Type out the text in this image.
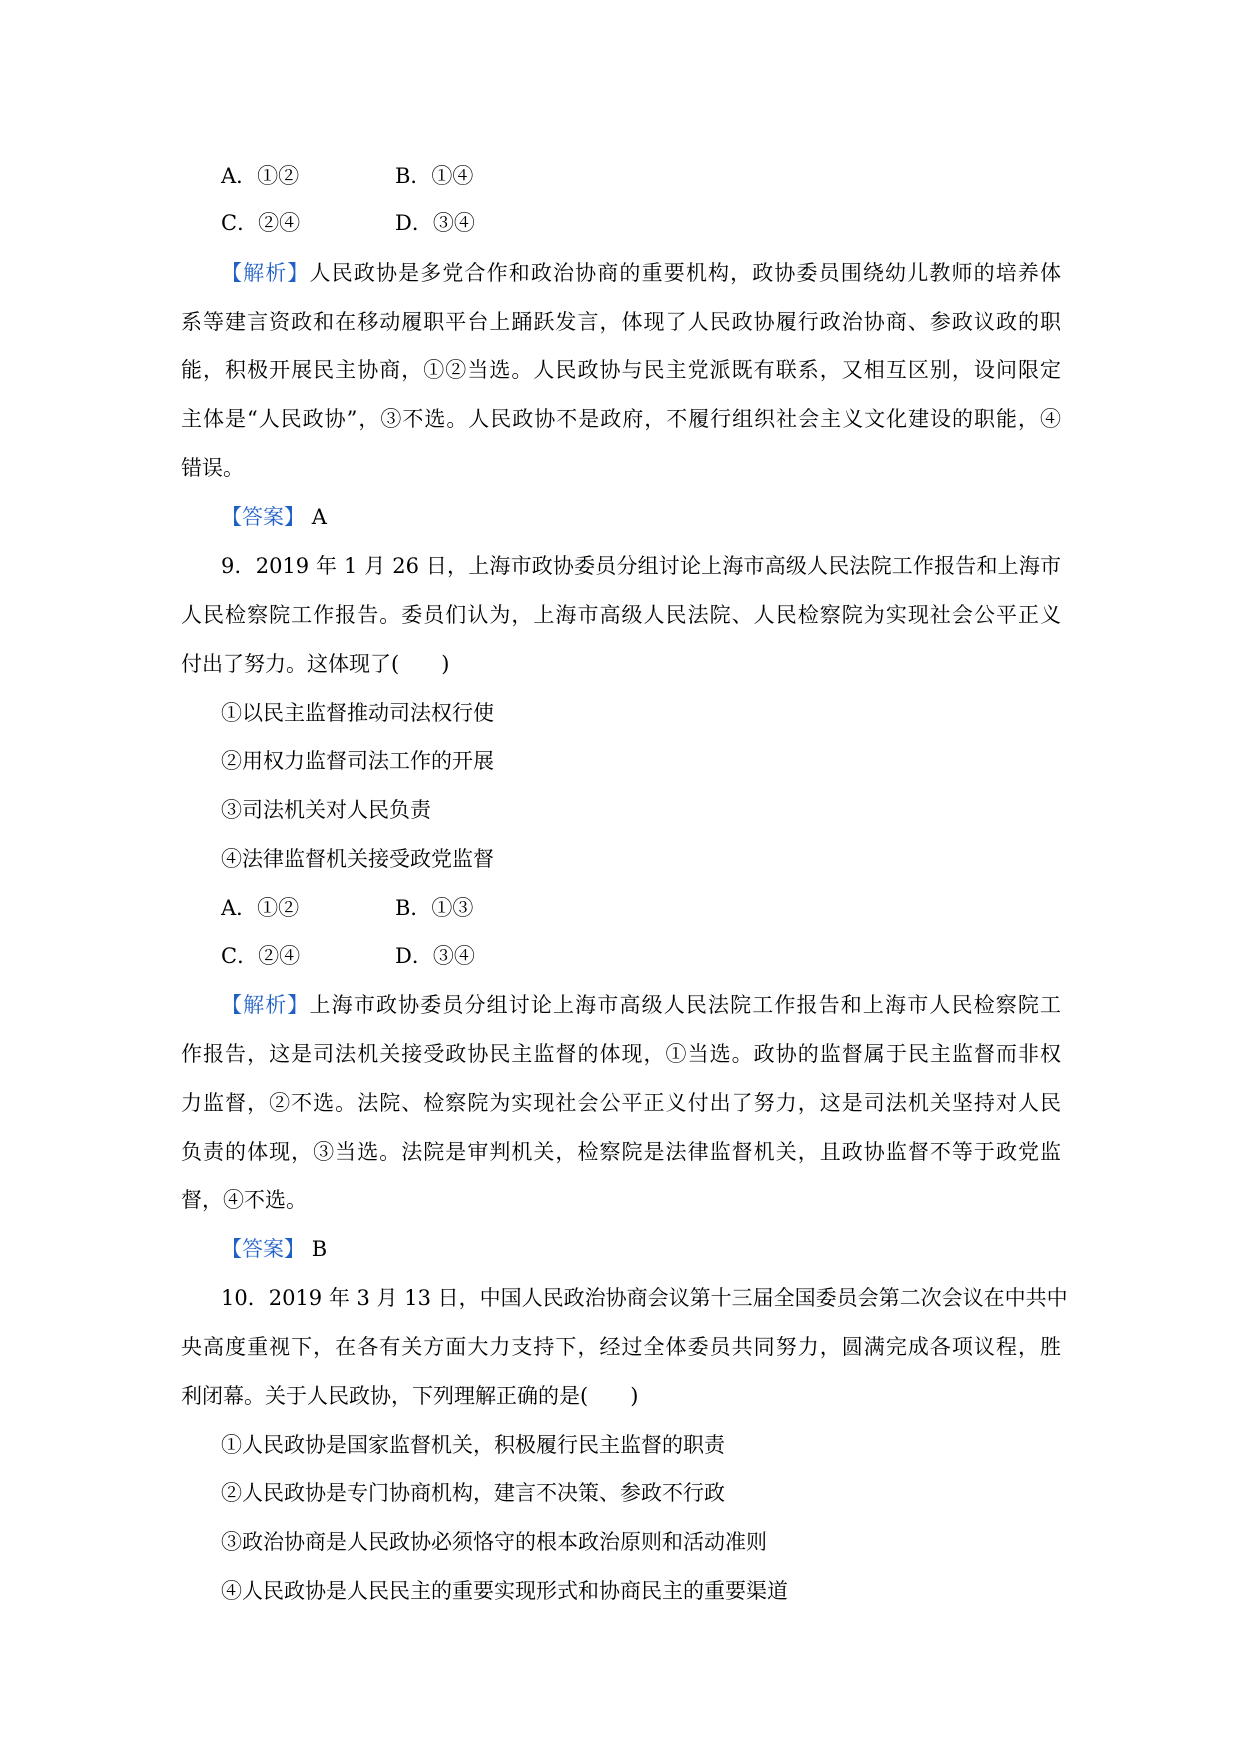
A．①②	B．①④
C．②④	D．③④
【解析】人民政协是多党合作和政治协商的重要机构，政协委员围绕幼儿教师的培养体
系等建言资政和在移动履职平台上踊跃发言，体现了人民政协履行政治协商、参政议政的职
能，积极开展民主协商，①②当选。人民政协与民主党派既有联系，又相互区别，设问限定
主体是“人民政协”，③不选。人民政协不是政府，不履行组织社会主义文化建设的职能，④
错误。
【答案】 A
9．2019 年 1 月 26 日，上海市政协委员分组讨论上海市高级人民法院工作报告和上海市
人民检察院工作报告。委员们认为，上海市高级人民法院、人民检察院为实现社会公平正义
付出了努力。这体现了(　　)
①以民主监督推动司法权行使
②用权力监督司法工作的开展
③司法机关对人民负责
④法律监督机关接受政党监督
A．①②	B．①③
C．②④	D．③④
【解析】上海市政协委员分组讨论上海市高级人民法院工作报告和上海市人民检察院工
作报告，这是司法机关接受政协民主监督的体现，①当选。政协的监督属于民主监督而非权
力监督，②不选。法院、检察院为实现社会公平正义付出了努力，这是司法机关坚持对人民
负责的体现，③当选。法院是审判机关，检察院是法律监督机关，且政协监督不等于政党监
督，④不选。
【答案】 B
10．2019 年 3 月 13 日，中国人民政治协商会议第十三届全国委员会第二次会议在中共中
央高度重视下，在各有关方面大力支持下，经过全体委员共同努力，圆满完成各项议程，胜
利闭幕。关于人民政协，下列理解正确的是(　　)
①人民政协是国家监督机关，积极履行民主监督的职责
②人民政协是专门协商机构，建言不决策、参政不行政
③政治协商是人民政协必须恪守的根本政治原则和活动准则
④人民政协是人民民主的重要实现形式和协商民主的重要渠道
